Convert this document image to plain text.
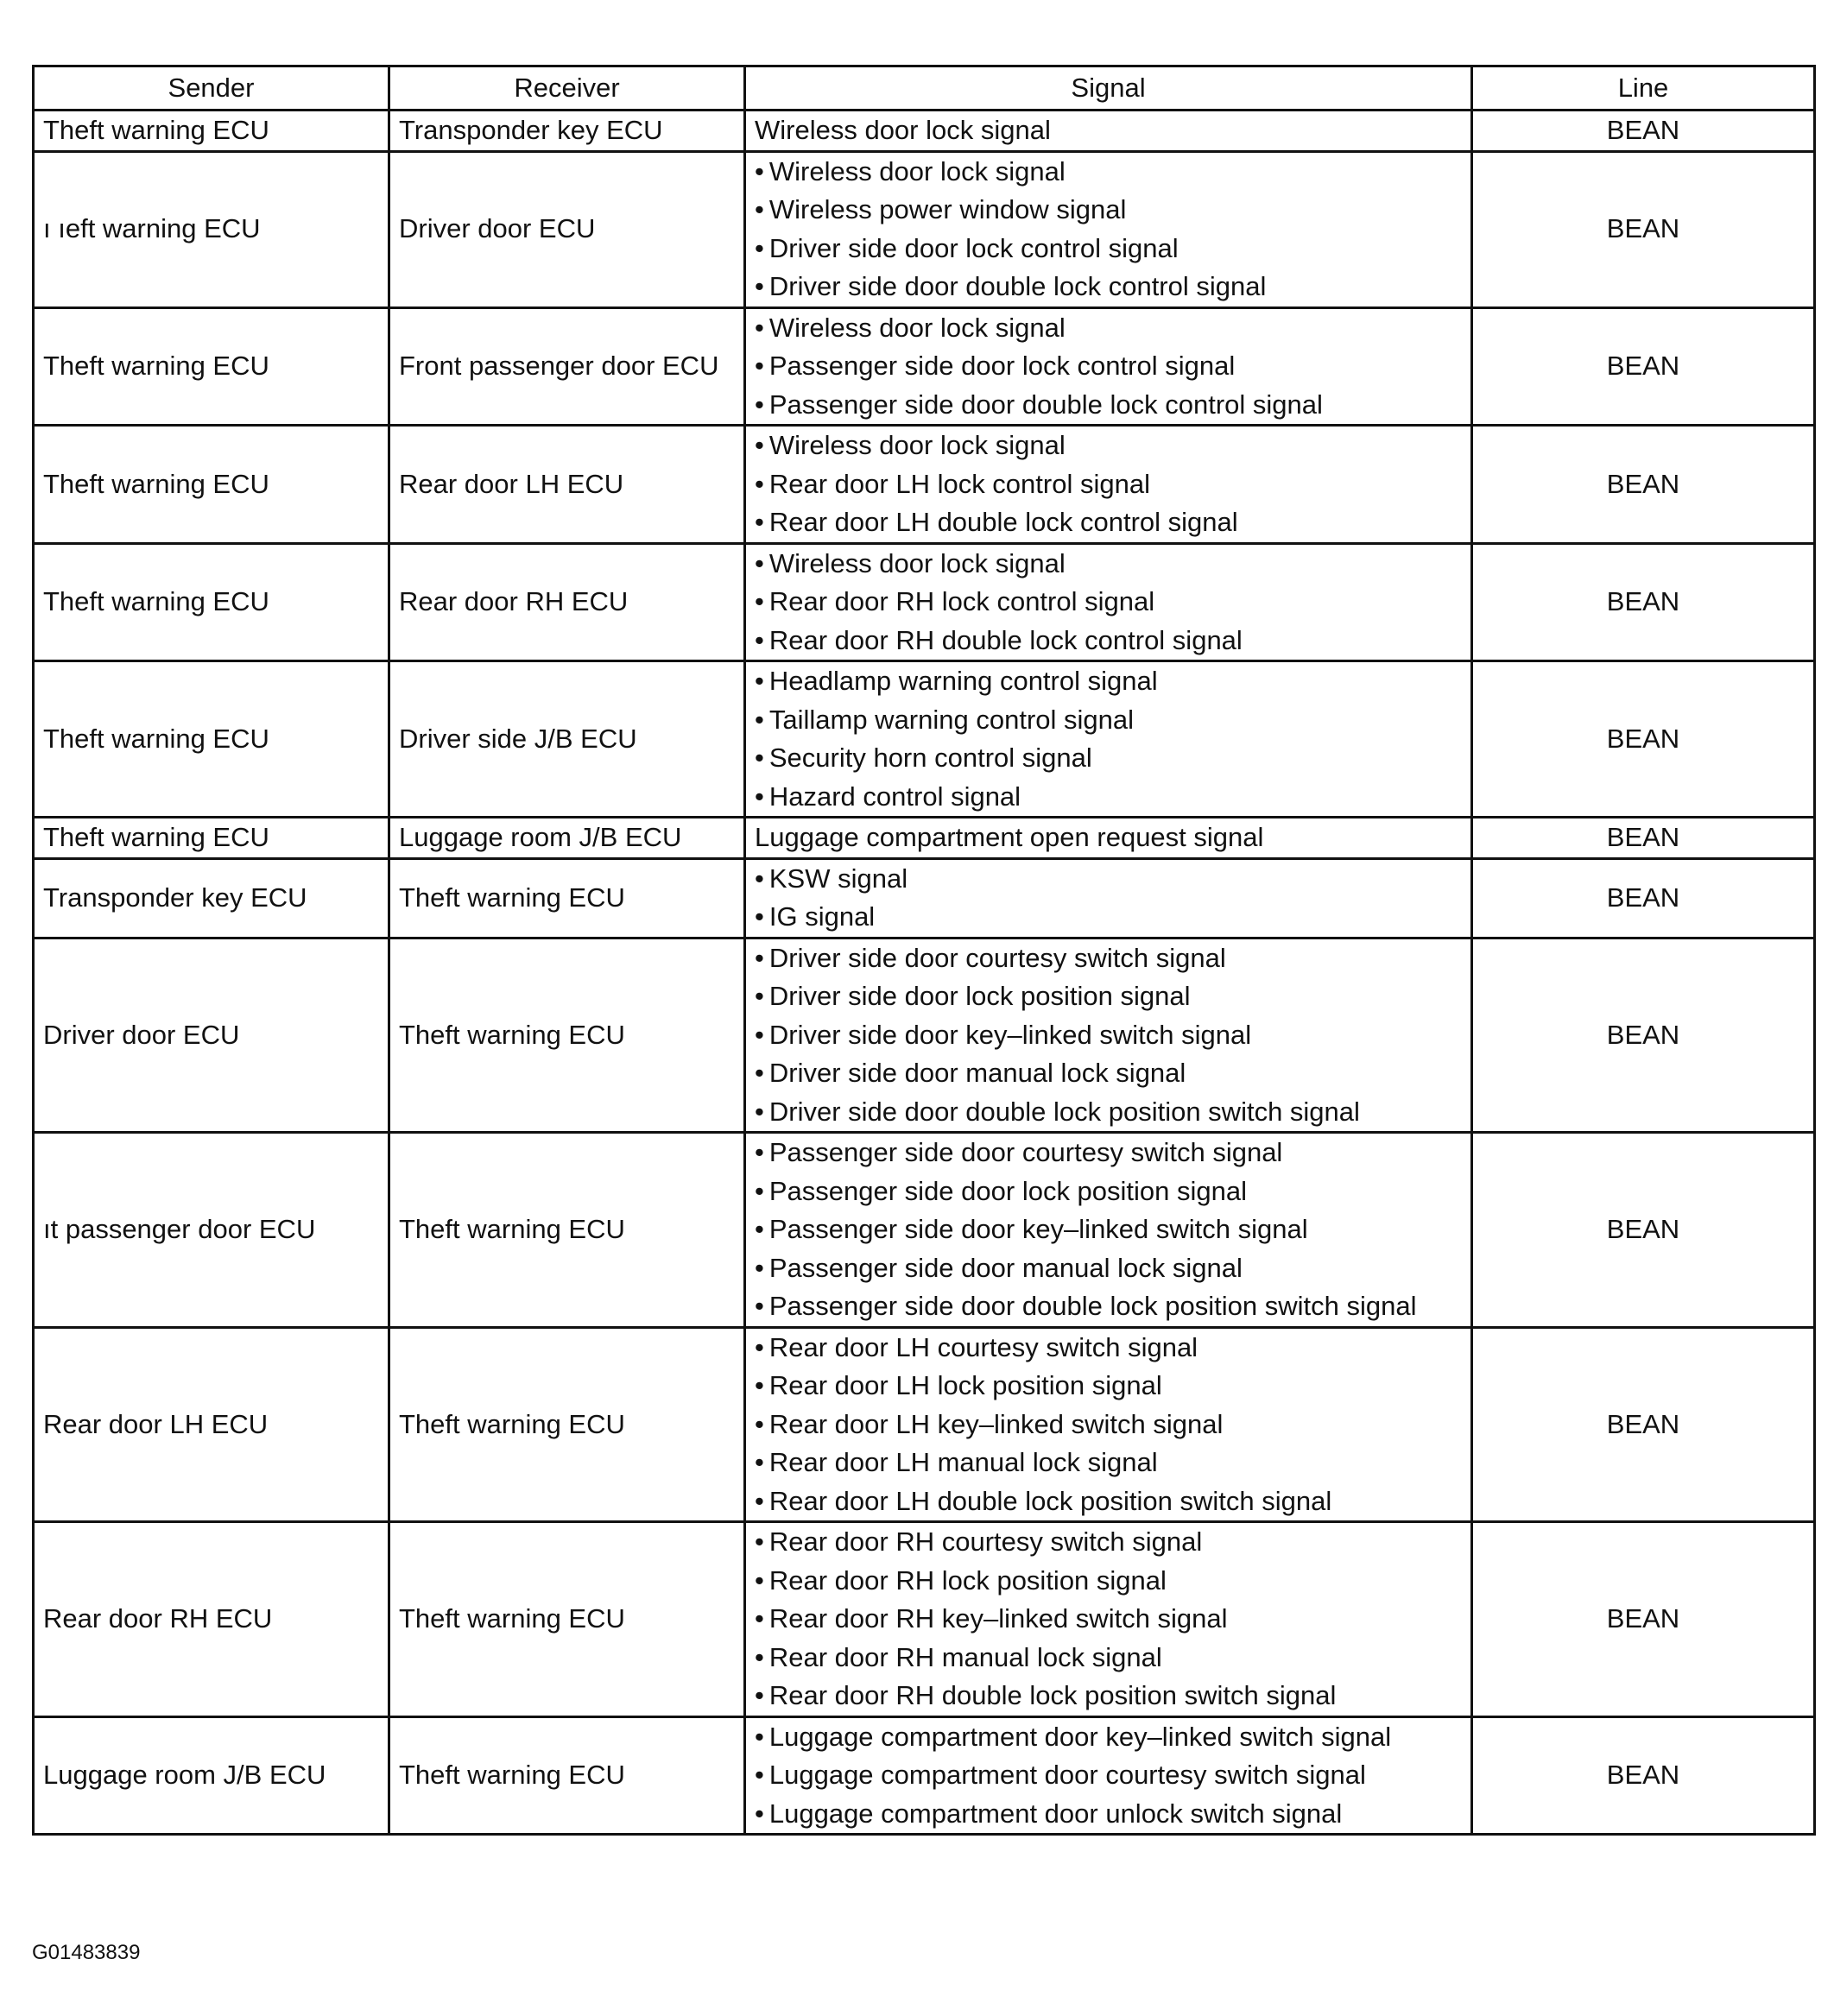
Sender	Receiver	Signal	Line
Theft warning ECU	Transponder key ECU	Wireless door lock signal	BEAN
ı ıeft warning ECU	Driver door ECU	• Wireless door lock signal
• Wireless power window signal
• Driver side door lock control signal
• Driver side door double lock control signal	BEAN
Theft warning ECU	Front passenger door ECU	• Wireless door lock signal
• Passenger side door lock control signal
• Passenger side door double lock control signal	BEAN
Theft warning ECU	Rear door LH ECU	• Wireless door lock signal
• Rear door LH lock control signal
• Rear door LH double lock control signal	BEAN
Theft warning ECU	Rear door RH ECU	• Wireless door lock signal
• Rear door RH lock control signal
• Rear door RH double lock control signal	BEAN
Theft warning ECU	Driver side J/B ECU	• Headlamp warning control signal
• Taillamp warning control signal
• Security horn control signal
• Hazard control signal	BEAN
Theft warning ECU	Luggage room J/B ECU	Luggage compartment open request signal	BEAN
Transponder key ECU	Theft warning ECU	• KSW signal
• IG signal	BEAN
Driver door ECU	Theft warning ECU	• Driver side door courtesy switch signal
• Driver side door lock position signal
• Driver side door key–linked switch signal
• Driver side door manual lock signal
• Driver side door double lock position switch signal	BEAN
ıt passenger door ECU	Theft warning ECU	• Passenger side door courtesy switch signal
• Passenger side door lock position signal
• Passenger side door key–linked switch signal
• Passenger side door manual lock signal
• Passenger side door double lock position switch signal	BEAN
Rear door LH ECU	Theft warning ECU	• Rear door LH courtesy switch signal
• Rear door LH lock position signal
• Rear door LH key–linked switch signal
• Rear door LH manual lock signal
• Rear door LH double lock position switch signal	BEAN
Rear door RH ECU	Theft warning ECU	• Rear door RH courtesy switch signal
• Rear door RH lock position signal
• Rear door RH key–linked switch signal
• Rear door RH manual lock signal
• Rear door RH double lock position switch signal	BEAN
Luggage room J/B ECU	Theft warning ECU	• Luggage compartment door key–linked switch signal
• Luggage compartment door courtesy switch signal
• Luggage compartment door unlock switch signal	BEAN
G01483839
